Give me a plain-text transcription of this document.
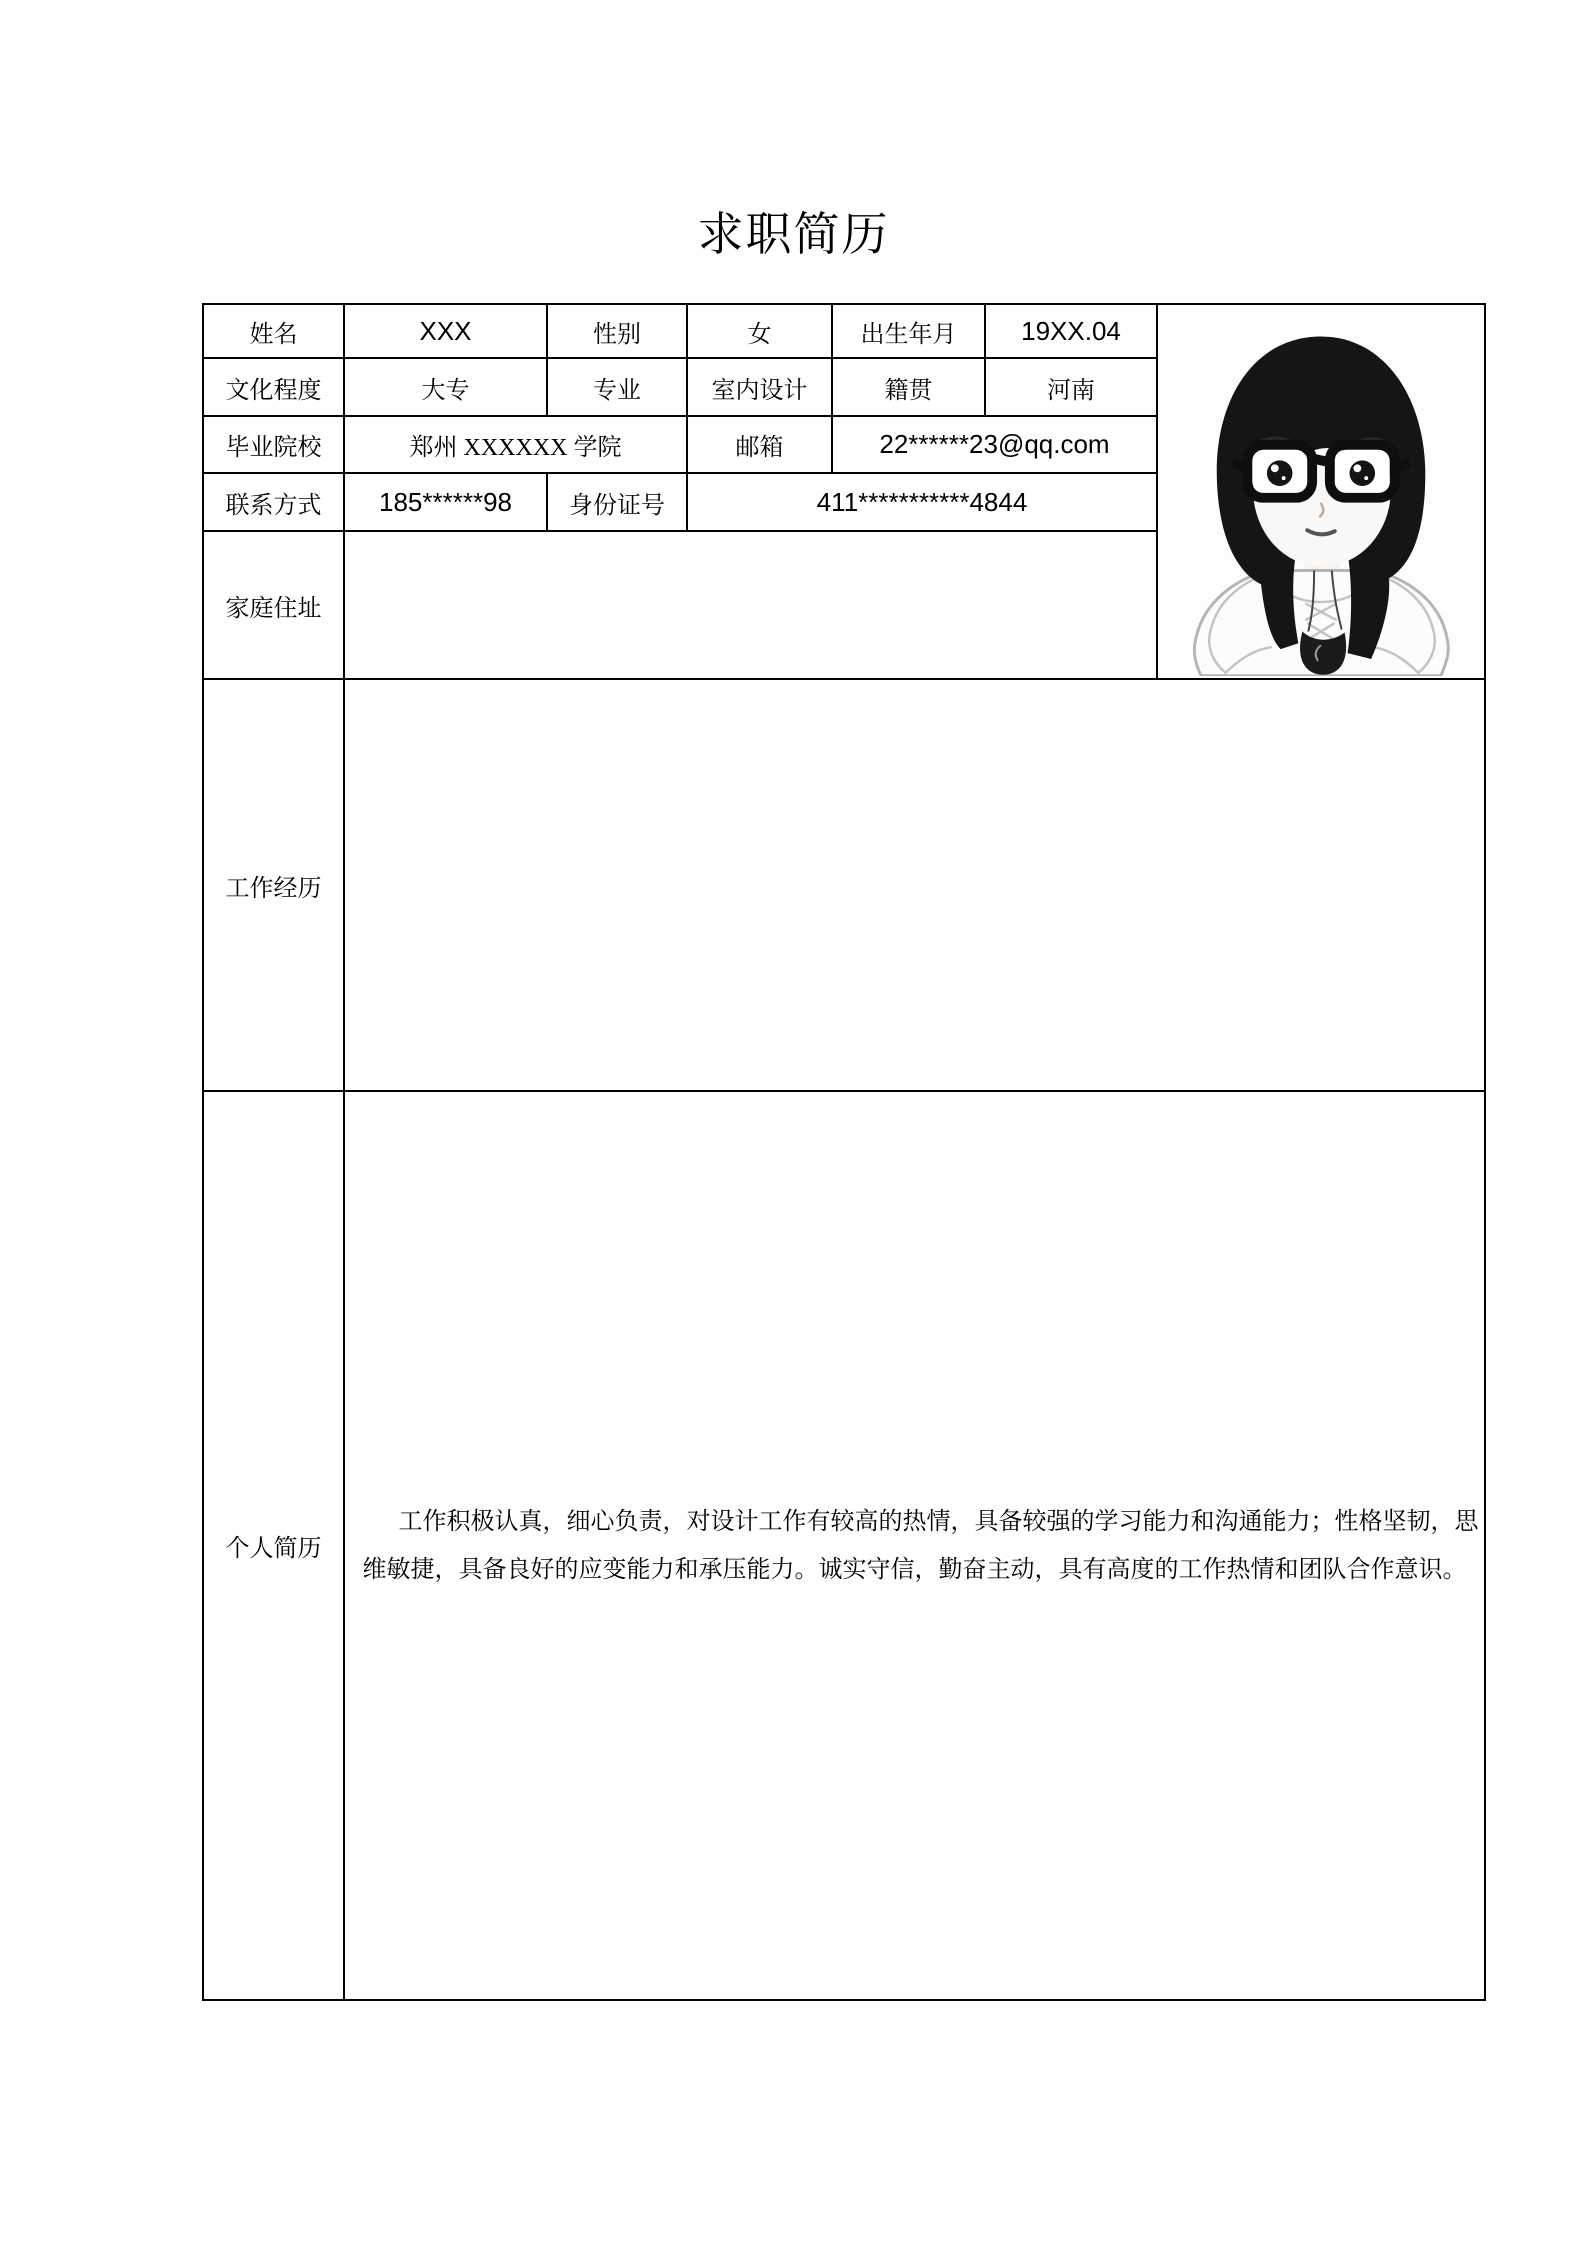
求职简历
姓名	XXX	性别	女	出生年月	19XX.04	

文化程度	大专	专业	室内设计	籍贯	河南	
毕业院校	郑州 XXXXXX 学院		邮箱	22******23@qq.com		
联系方式	185******98	身份证号	411***********4844			
家庭住址						
工作经历						
个人简历	工作积极认真，细心负责，对设计工作有较高的热情，具备较强的学习能力和沟通能力；性格坚韧，思维敏捷，具备良好的应变能力和承压能力。诚实守信，勤奋主动，具有高度的工作热情和团队合作意识。					
